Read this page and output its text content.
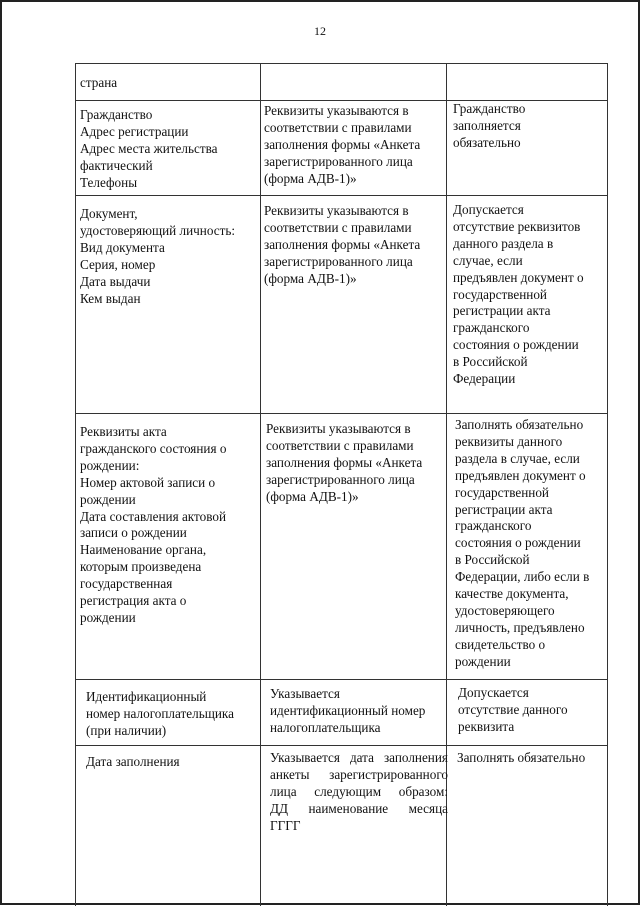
12
страна
Гражданство
Адрес регистрации
Адрес места жительства
фактический
Телефоны
Реквизиты указываются в
соответствии с правилами
заполнения формы «Анкета
зарегистрированного лица
(форма АДВ-1)»
Гражданство
заполняется
обязательно
Документ,
удостоверяющий личность:
Вид документа
Серия, номер
Дата выдачи
Кем выдан
Реквизиты указываются в
соответствии с правилами
заполнения формы «Анкета
зарегистрированного лица
(форма АДВ-1)»
Допускается
отсутствие реквизитов
данного раздела в
случае, если
предъявлен документ о
государственной
регистрации акта
гражданского
состояния о рождении
в Российской
Федерации
Реквизиты акта
гражданского состояния о
рождении:
Номер актовой записи о
рождении
Дата составления актовой
записи о рождении
Наименование органа,
которым произведена
государственная
регистрация акта о
рождении
Реквизиты указываются в
соответствии с правилами
заполнения формы «Анкета
зарегистрированного лица
(форма АДВ-1)»
Заполнять обязательно
реквизиты данного
раздела в случае, если
предъявлен документ о
государственной
регистрации акта
гражданского
состояния о рождении
в Российской
Федерации, либо если в
качестве документа,
удостоверяющего
личность, предъявлено
свидетельство о
рождении
Идентификационный
номер налогоплательщика
(при наличии)
Указывается
идентификационный номер
налогоплательщика
Допускается
отсутствие данного
реквизита
Дата заполнения	Указывается дата заполнения
анкеты зарегистрированного
лица следующим образом:
ДД наименование месяца
ГГГГ
Заполнять обязательно
